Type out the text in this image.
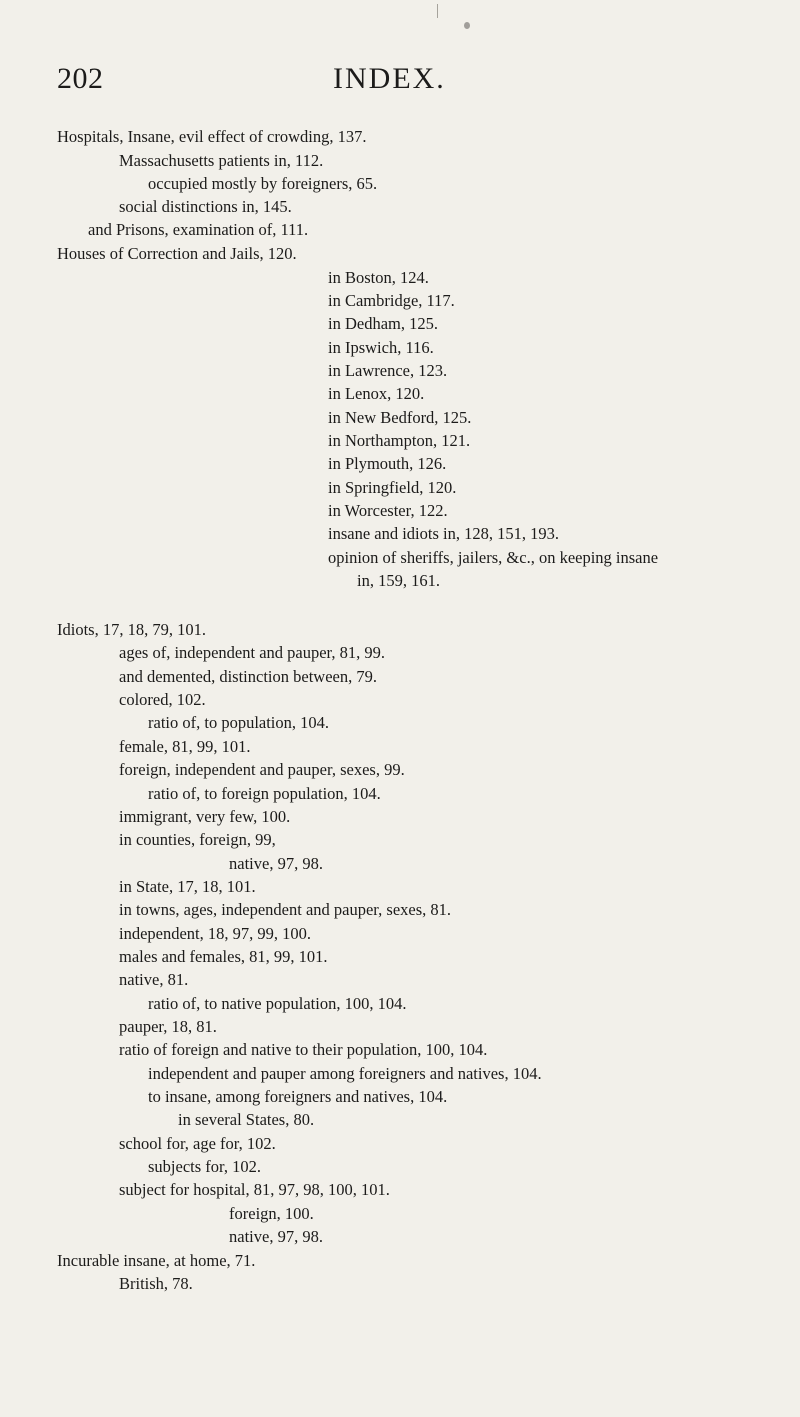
202	INDEX.
Hospitals, Insane, evil effect of crowding, 137.
Massachusetts patients in, 112.
occupied mostly by foreigners, 65.
social distinctions in, 145.
and Prisons, examination of, 111.
Houses of Correction and Jails, 120.
in Boston, 124.
in Cambridge, 117.
in Dedham, 125.
in Ipswich, 116.
in Lawrence, 123.
in Lenox, 120.
in New Bedford, 125.
in Northampton, 121.
in Plymouth, 126.
in Springfield, 120.
in Worcester, 122.
insane and idiots in, 128, 151, 193.
opinion of sheriffs, jailers, &c., on keeping insane
in, 159, 161.
Idiots, 17, 18, 79, 101.
ages of, independent and pauper, 81, 99.
and demented, distinction between, 79.
colored, 102.
ratio of, to population, 104.
female, 81, 99, 101.
foreign, independent and pauper, sexes, 99.
ratio of, to foreign population, 104.
immigrant, very few, 100.
in counties, foreign, 99,
native, 97, 98.
in State, 17, 18, 101.
in towns, ages, independent and pauper, sexes, 81.
independent, 18, 97, 99, 100.
males and females, 81, 99, 101.
native, 81.
ratio of, to native population, 100, 104.
pauper, 18, 81.
ratio of foreign and native to their population, 100, 104.
independent and pauper among foreigners and natives, 104.
to insane, among foreigners and natives, 104.
in several States, 80.
school for, age for, 102.
subjects for, 102.
subject for hospital, 81, 97, 98, 100, 101.
foreign, 100.
native, 97, 98.
Incurable insane, at home, 71.
British, 78.
